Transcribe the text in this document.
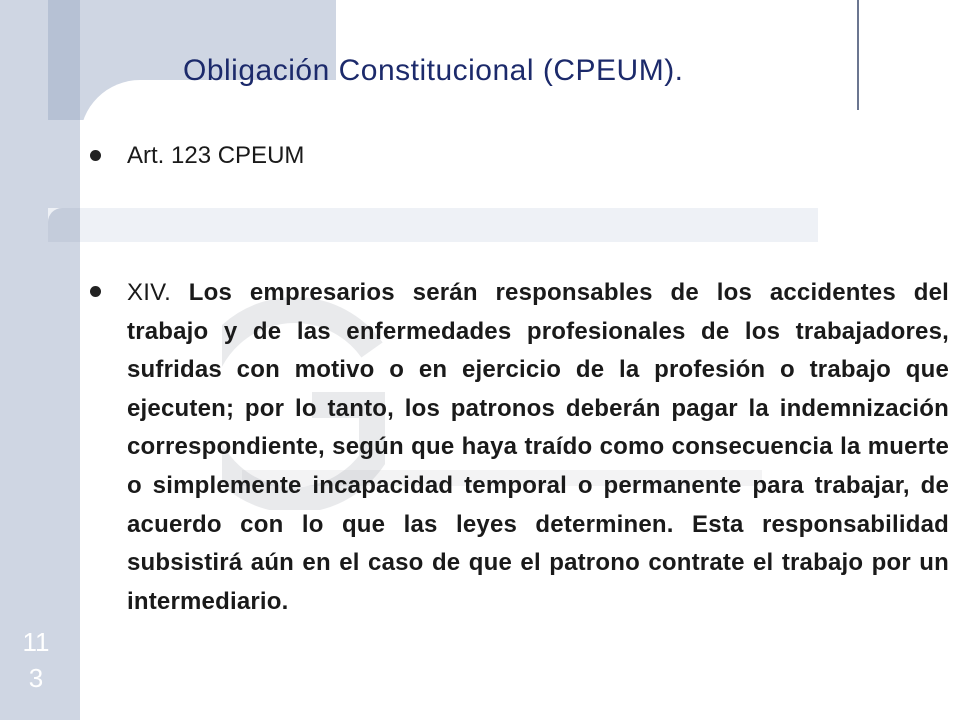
Obligación Constitucional (CPEUM).
Art. 123 CPEUM

XIV. Los empresarios serán responsables de los accidentes del trabajo y de las enfermedades profesionales de los trabajadores, sufridas con motivo o en ejercicio de la profesión o trabajo que ejecuten; por lo tanto, los patronos deberán pagar la indemnización correspondiente, según que haya traído como consecuencia la muerte o simplemente incapacidad temporal o permanente para trabajar, de acuerdo con lo que las leyes determinen. Esta responsabilidad subsistirá aún en el caso de que el patrono contrate el trabajo por un intermediario.

113
